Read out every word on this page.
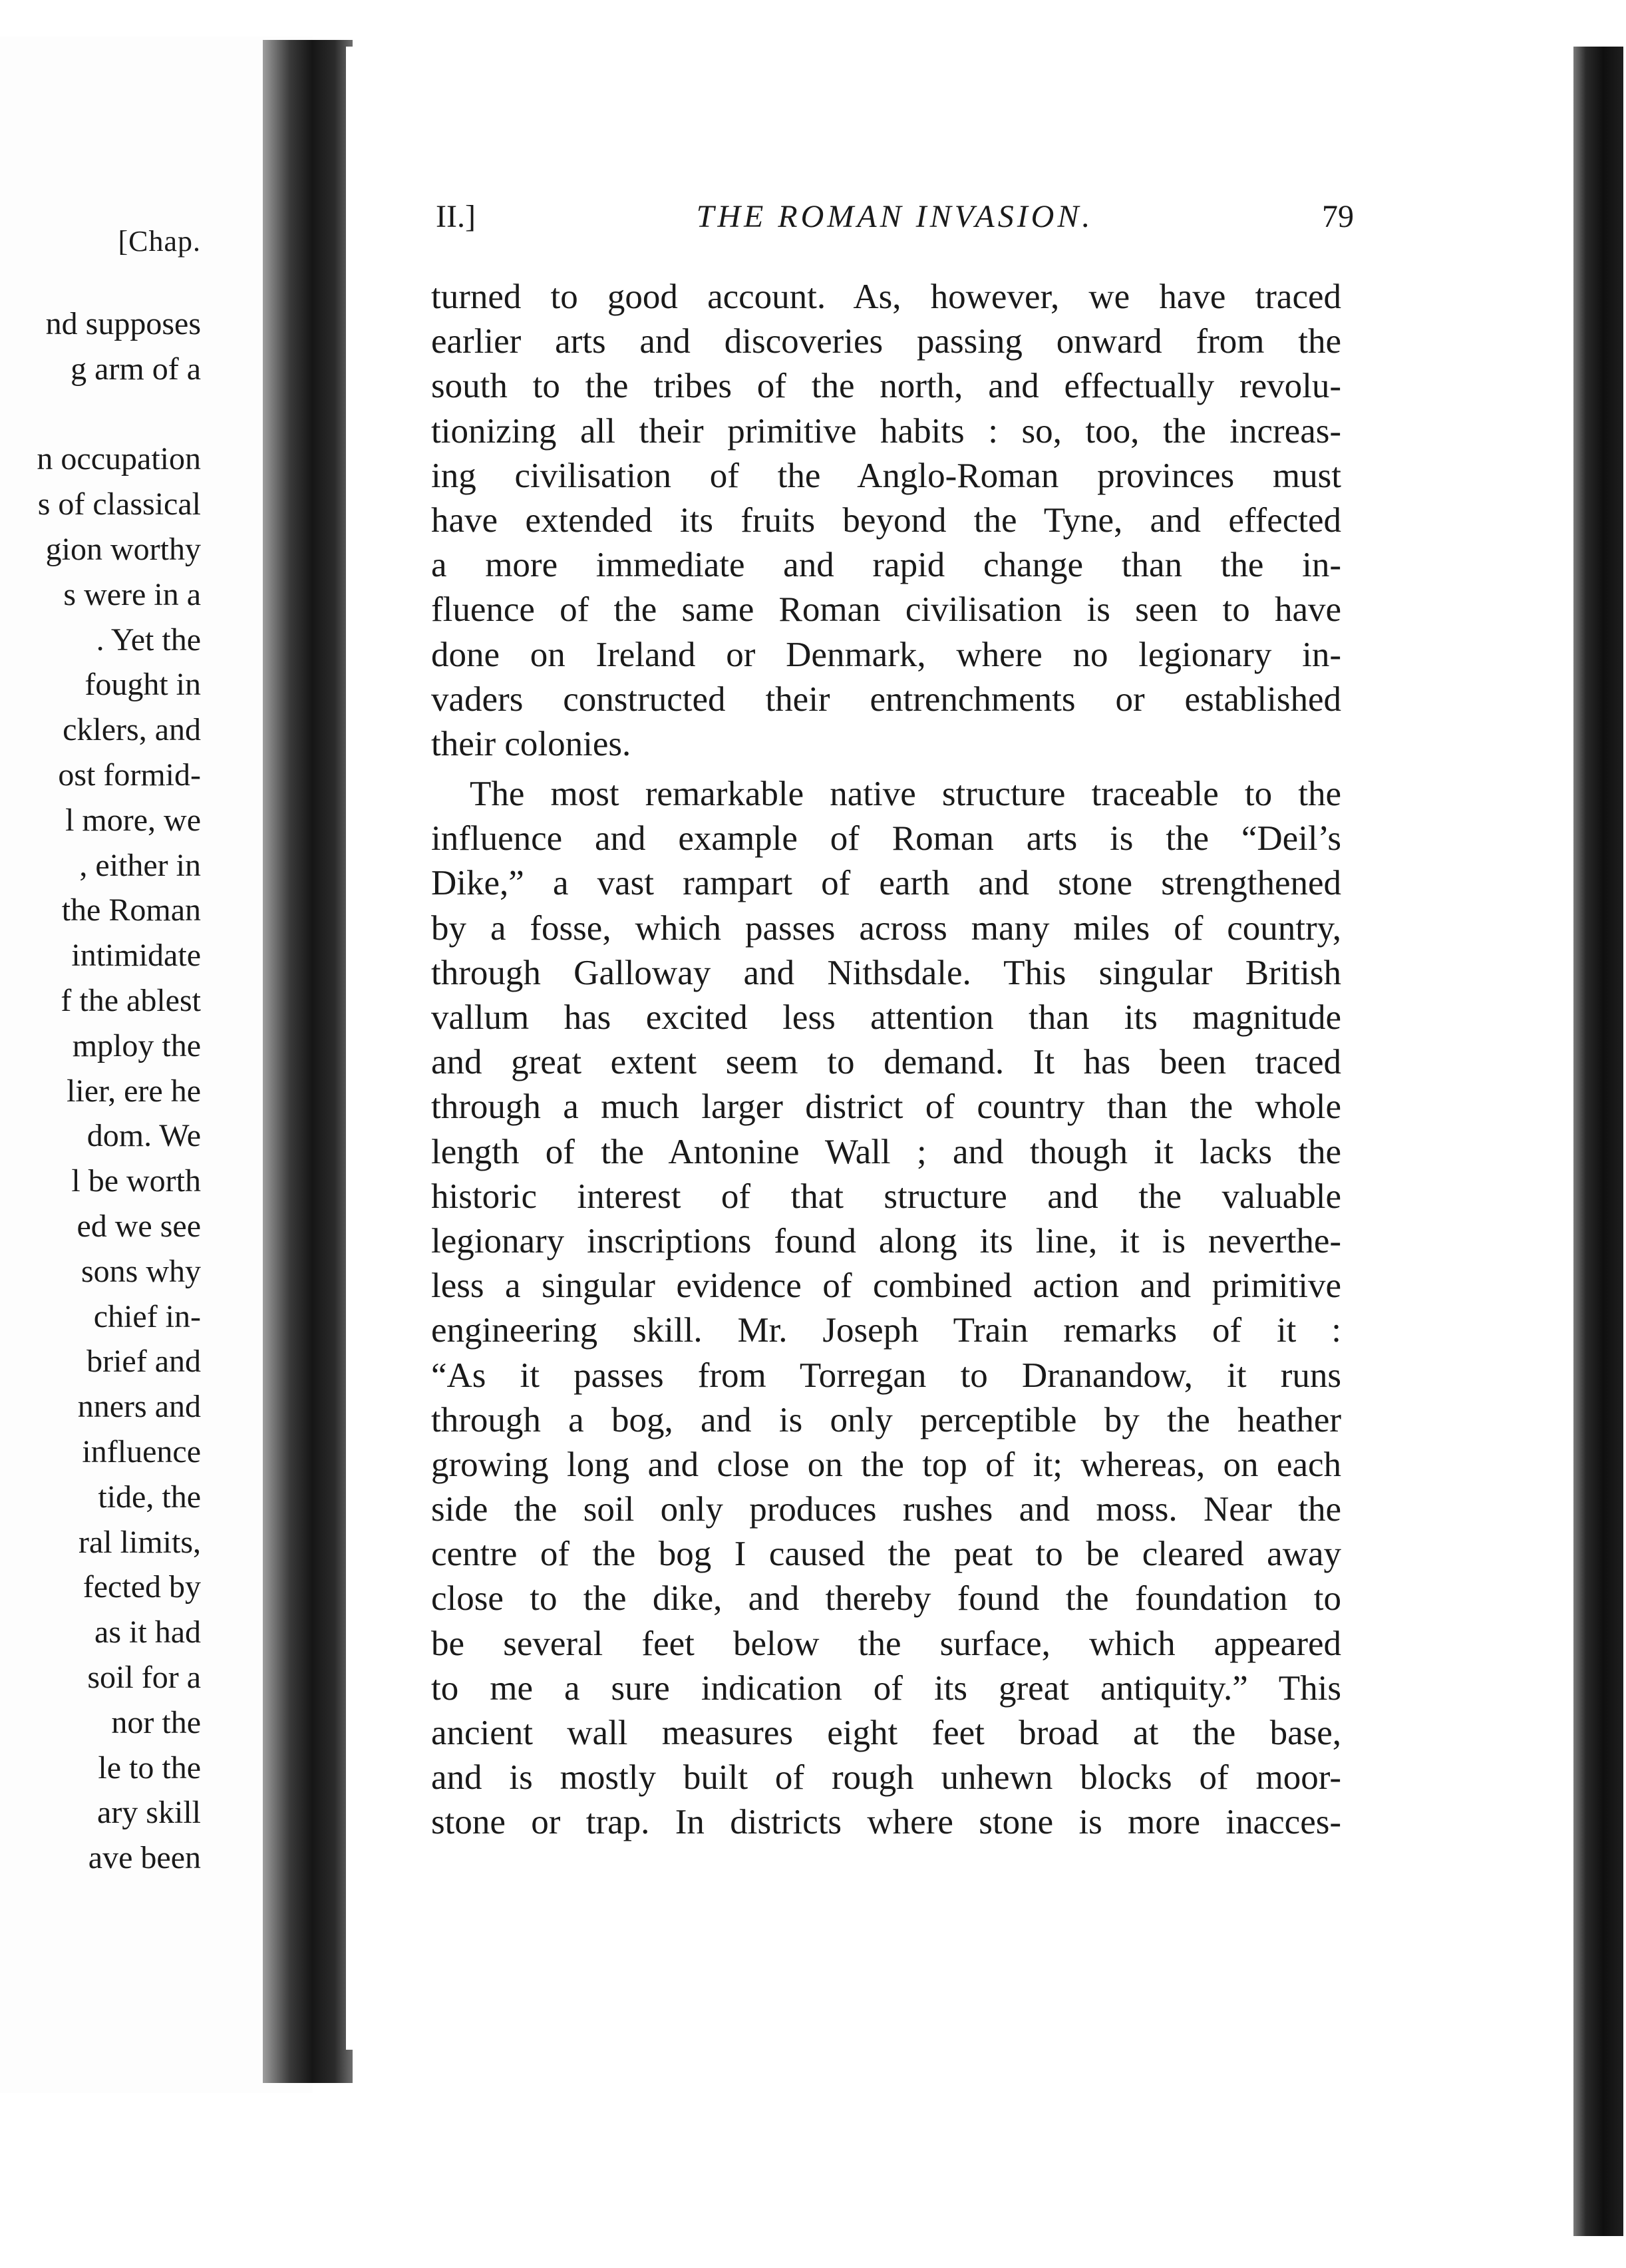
[Chap.
nd supposes
g arm of a
n occupation
s of classical
gion worthy
s were in a
. Yet the
fought in
cklers, and
ost formid-
l more, we
, either in
the Roman
intimidate
f the ablest
mploy the
lier, ere he
dom. We
l be worth
ed we see
sons why
chief in-
brief and
nners and
influence
tide, the
ral limits,
fected by
as it had
soil for a
nor the
le to the
ary skill
ave been
II.]	THE ROMAN INVASION.	79
turned to good account. As, however, we have traced
earlier arts and discoveries passing onward from the
south to the tribes of the north, and effectually revolu-
tionizing all their primitive habits : so, too, the increas-
ing civilisation of the Anglo-Roman provinces must
have extended its fruits beyond the Tyne, and effected
a more immediate and rapid change than the in-
fluence of the same Roman civilisation is seen to have
done on Ireland or Denmark, where no legionary in-
vaders constructed their entrenchments or established
their colonies.
The most remarkable native structure traceable to the
influence and example of Roman arts is the “Deil’s
Dike,” a vast rampart of earth and stone strengthened
by a fosse, which passes across many miles of country,
through Galloway and Nithsdale. This singular British
vallum has excited less attention than its magnitude
and great extent seem to demand. It has been traced
through a much larger district of country than the whole
length of the Antonine Wall ; and though it lacks the
historic interest of that structure and the valuable
legionary inscriptions found along its line, it is neverthe-
less a singular evidence of combined action and primitive
engineering skill. Mr. Joseph Train remarks of it :
“As it passes from Torregan to Dranandow, it runs
through a bog, and is only perceptible by the heather
growing long and close on the top of it; whereas, on each
side the soil only produces rushes and moss. Near the
centre of the bog I caused the peat to be cleared away
close to the dike, and thereby found the foundation to
be several feet below the surface, which appeared
to me a sure indication of its great antiquity.” This
ancient wall measures eight feet broad at the base,
and is mostly built of rough unhewn blocks of moor-
stone or trap. In districts where stone is more inacces-
